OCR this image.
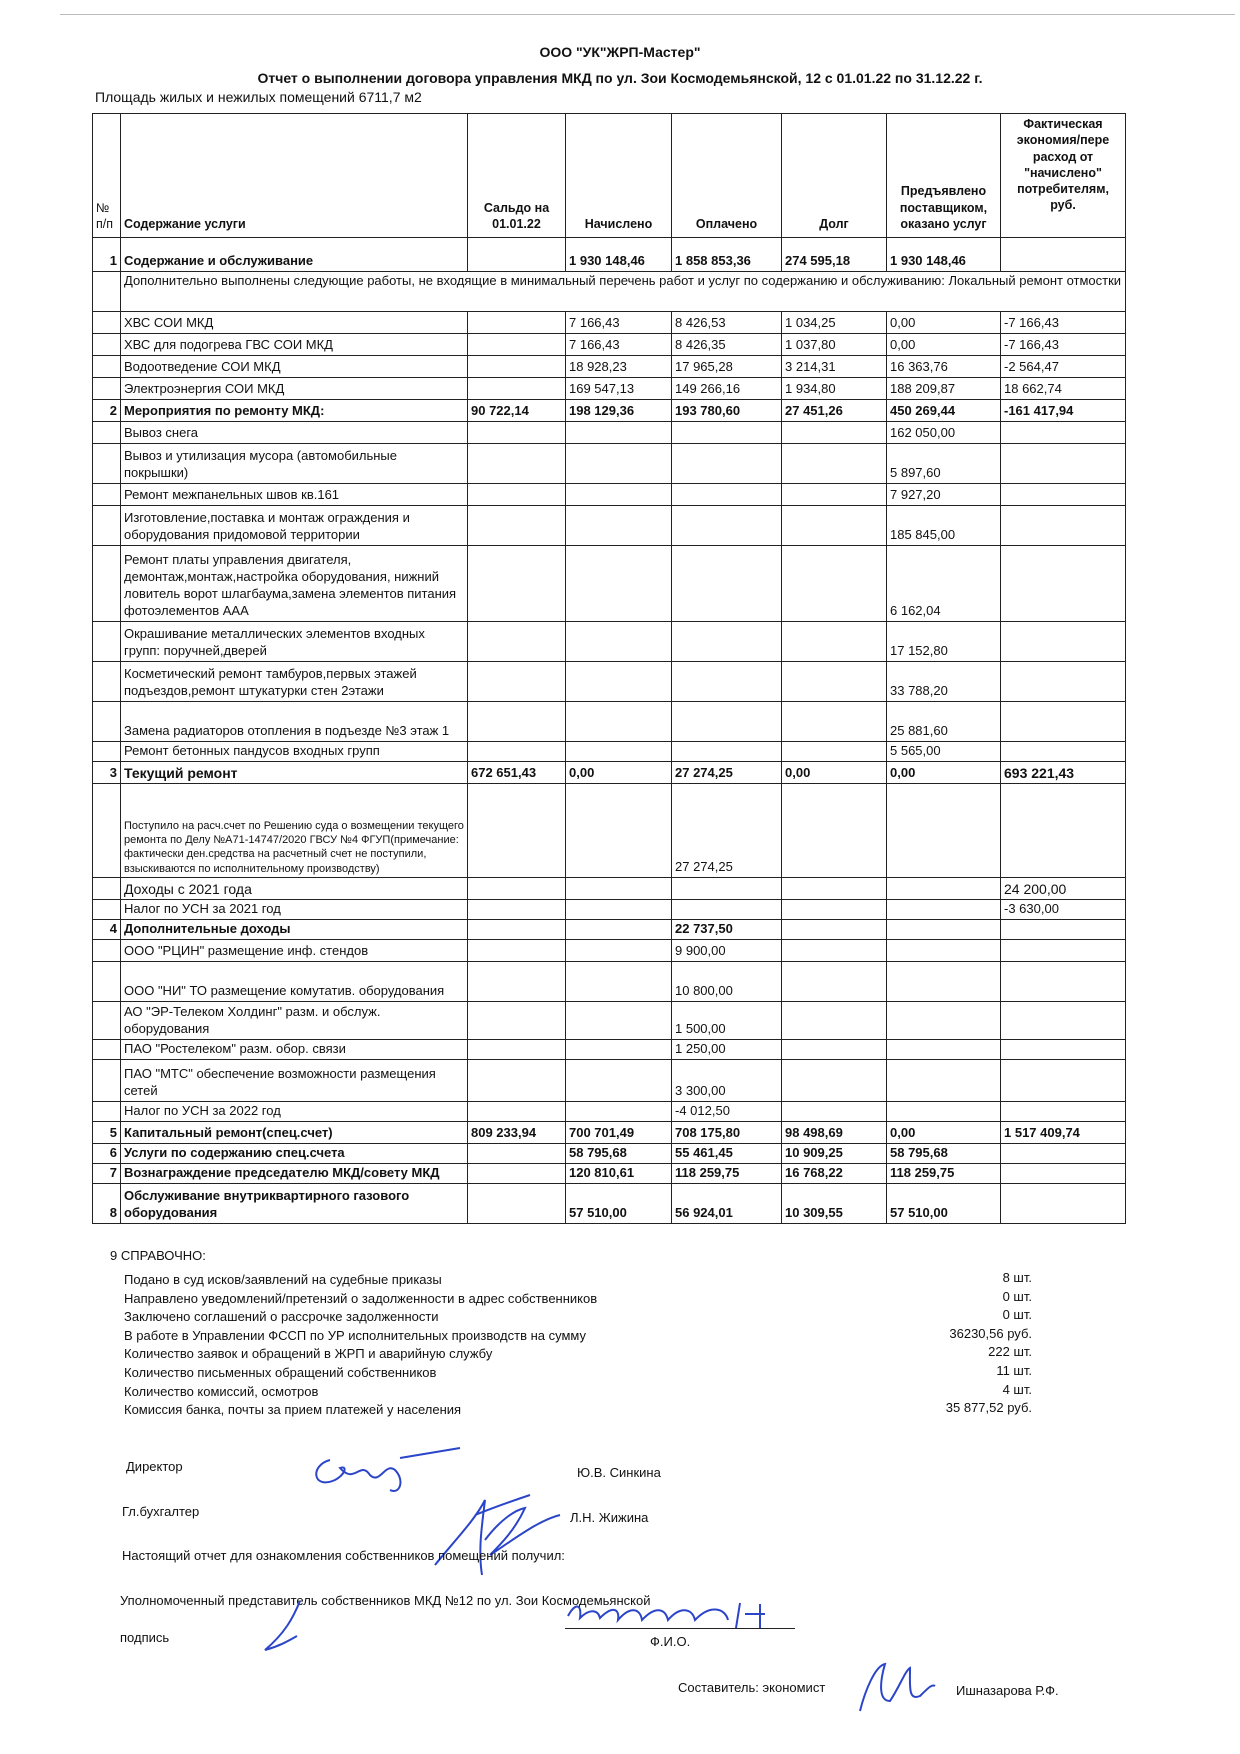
ООО "УК"ЖРП-Мастер"
Отчет о выполнении договора управления МКД по ул. Зои Космодемьянской, 12 с 01.01.22 по 31.12.22 г.
Площадь жилых и нежилых помещений 6711,7 м2
№ п/п	Содержание услуги	Сальдо на 01.01.22	Начислено	Оплачено	Долг	Предъявлено поставщиком, оказано услуг	Фактическая экономия/пере расход от "начислено" потребителям, руб.
1	Содержание и обслуживание		1 930 148,46	1 858 853,36	274 595,18	1 930 148,46	
	Дополнительно выполнены следующие работы, не входящие в минимальный перечень работ и услуг по содержанию и обслуживанию: Локальный ремонт отмостки						
	ХВС СОИ МКД		7 166,43	8 426,53	1 034,25	0,00	-7 166,43
	ХВС для подогрева ГВС СОИ МКД		7 166,43	8 426,35	1 037,80	0,00	-7 166,43
	Водоотведение СОИ МКД		18 928,23	17 965,28	3 214,31	16 363,76	-2 564,47
	Электроэнергия СОИ МКД		169 547,13	149 266,16	1 934,80	188 209,87	18 662,74
2	Мероприятия по ремонту МКД:	90 722,14	198 129,36	193 780,60	27 451,26	450 269,44	-161 417,94
	Вывоз снега					162 050,00	
	Вывоз и утилизация мусора (автомобильные покрышки)					5 897,60	
	Ремонт межпанельных швов кв.161					7 927,20	
	Изготовление,поставка и монтаж ограждения и оборудования придомовой территории					185 845,00	
	Ремонт платы управления двигателя, демонтаж,монтаж,настройка оборудования, нижний ловитель ворот шлагбаума,замена элементов питания фотоэлементов ААА					6 162,04	
	Окрашивание металлических элементов входных групп: поручней,дверей					17 152,80	
	Косметический ремонт тамбуров,первых этажей подъездов,ремонт штукатурки стен 2этажи					33 788,20	
	Замена радиаторов отопления в подъезде №3 этаж 1					25 881,60	
	Ремонт бетонных пандусов входных групп					5 565,00	
3	Текущий ремонт	672 651,43	0,00	27 274,25	0,00	0,00	693 221,43
	Поступило на расч.счет по Решению суда о возмещении текущего ремонта по Делу №А71-14747/2020 ГВСУ №4 ФГУП(примечание: фактически ден.средства на расчетный счет не поступили, взыскиваются по исполнительному производству)			27 274,25			
	Доходы с 2021 года						24 200,00
	Налог по УСН за 2021 год						-3 630,00
4	Дополнительные доходы			22 737,50			
	ООО "РЦИН" размещение инф. стендов			9 900,00			
	ООО "НИ" ТО размещение комутатив. оборудования			10 800,00			
	АО "ЭР-Телеком Холдинг" разм. и обслуж. оборудования			1 500,00			
	ПАО "Ростелеком" разм. обор. связи			1 250,00			
	ПАО "МТС" обеспечение возможности размещения сетей			3 300,00			
	Налог по УСН за 2022 год			-4 012,50			
5	Капитальный ремонт(спец.счет)	809 233,94	700 701,49	708 175,80	98 498,69	0,00	1 517 409,74
6	Услуги по содержанию спец.счета		58 795,68	55 461,45	10 909,25	58 795,68	
7	Вознаграждение председателю МКД/совету МКД		120 810,61	118 259,75	16 768,22	118 259,75	
8	Обслуживание внутриквартирного газового оборудования		57 510,00	56 924,01	10 309,55	57 510,00	
9 СПРАВОЧНО:
Подано в суд исков/заявлений на судебные приказы	8 шт.
Направлено уведомлений/претензий о задолженности в адрес собственников	0 шт.
Заключено соглашений о рассрочке задолженности	0 шт.
В работе в Управлении ФССП по УР исполнительных производств на сумму	36230,56 руб.
Количество заявок и обращений в ЖРП и аварийную службу	222 шт.
Количество письменных обращений собственников	11 шт.
Количество комиссий, осмотров	4 шт.
Комиссия банка, почты за прием платежей у населения	35 877,52 руб.
Директор	Ю.В. Синкина
Гл.бухгалтер	Л.Н. Жижина
Настоящий отчет для ознакомления собственников помещений получил:
Уполномоченный представитель собственников МКД №12 по ул. Зои Космодемьянской
Ф.И.О.
подпись
Составитель: экономист	Ишназарова Р.Ф.
